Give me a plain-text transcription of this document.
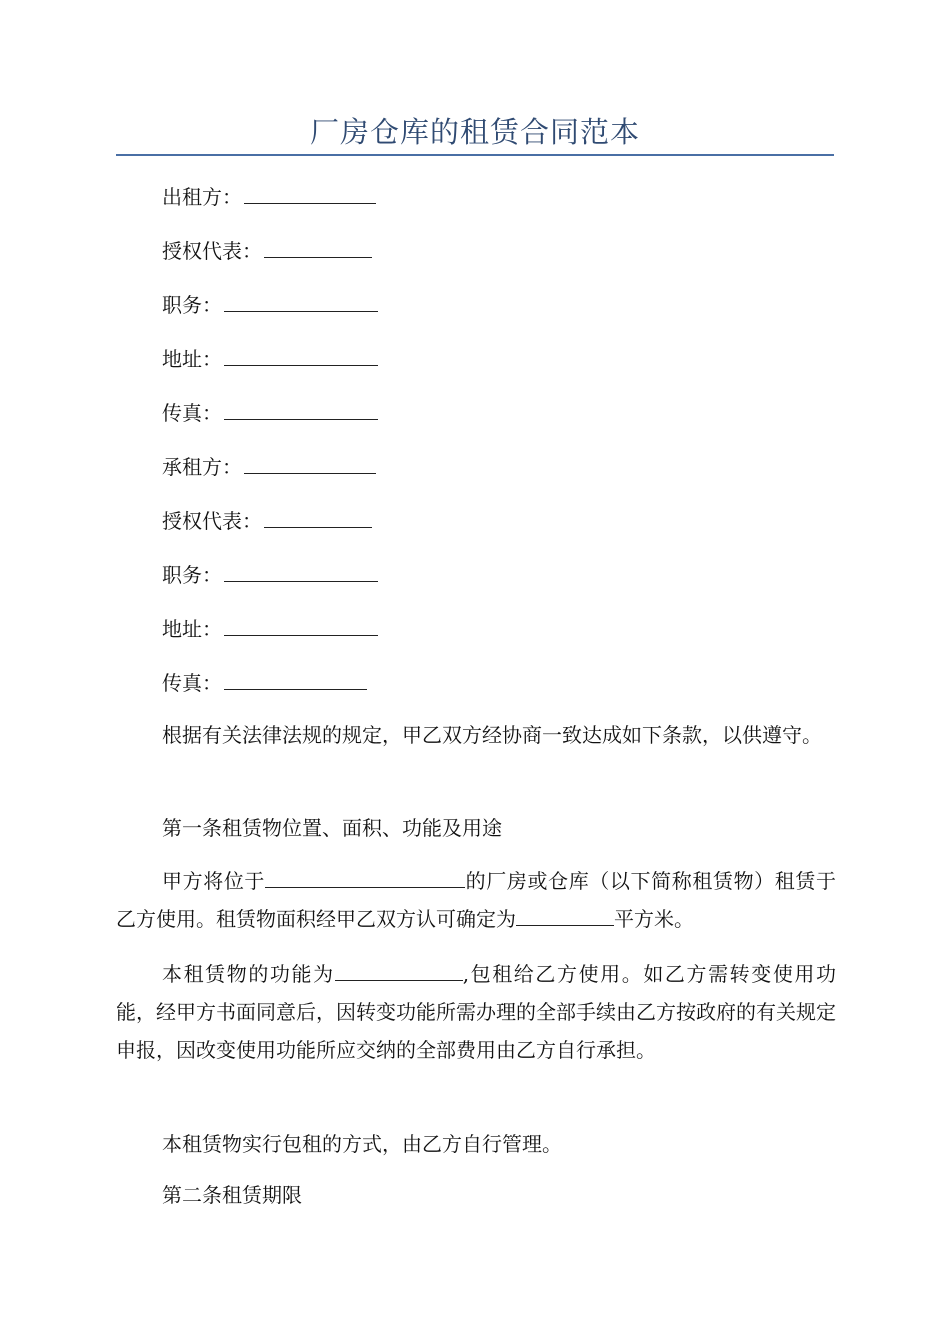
厂房仓库的租赁合同范本
出租方：
授权代表：
职务：
地址：
传真：
承租方：
授权代表：
职务：
地址：
传真：
根据有关法律法规的规定，甲乙双方经协商一致达成如下条款，以供遵守。
第一条租赁物位置、面积、功能及用途
甲方将位于	的厂房或仓库（以下简称租赁物）租赁于乙方使用。租赁物面积经甲乙双方认可确定为	平方米。
本租赁物的功能为	,包租给乙方使用。如乙方需转变使用功能，经甲方书面同意后，因转变功能所需办理的全部手续由乙方按政府的有关规定申报，因改变使用功能所应交纳的全部费用由乙方自行承担。
本租赁物实行包租的方式，由乙方自行管理。
第二条租赁期限
